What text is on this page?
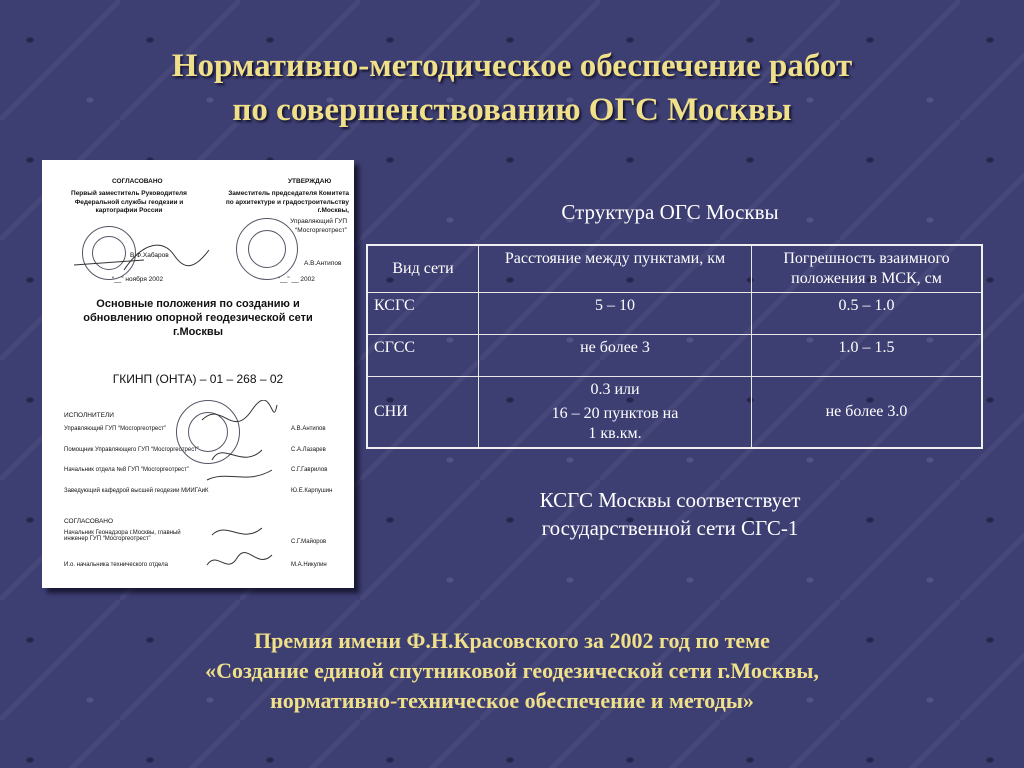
Нормативно-методическое обеспечение работ
по совершенствованию ОГС Москвы
СОГЛАСОВАНО
Первый заместитель Руководителя Федеральной службы геодезии и картографии России
В.Ф.Хабаров
“__” ноября 2002
УТВЕРЖДАЮ
Заместитель председателя Комитета по архитектуре и градостроительству г.Москвы,
Управляющий ГУП “Мосгоргеотрест”
А.В.Антипов
“__” __ 2002
Основные положения по созданию и обновлению опорной геодезической сети г.Москвы
ГКИНП (ОНТА) – 01 – 268 – 02
ИСПОЛНИТЕЛИ
Управляющий ГУП “Мосгоргеотрест”	А.В.Антипов
Помощник Управляющего ГУП “Мосгоргеотрест”	С.А.Лазарев
Начальник отдела №8 ГУП “Мосгоргеотрест”	С.Г.Гаврилов
Заведующий кафедрой высшей геодезии МИИГАиК	Ю.Е.Карпушин
СОГЛАСОВАНО
Начальник Геонадзора г.Москвы, главный инженер ГУП “Мосгоргеотрест”	С.Г.Майоров
И.о. начальника технического отдела	М.А.Никулин
Структура ОГС Москвы
Вид сети	Расстояние между пунктами, км	Погрешность взаимного положения в МСК, см
КСГС	5 – 10	0.5 – 1.0
СГСС	не более 3	1.0 – 1.5
СНИ	0.3 или
16 – 20 пунктов на
1 кв.км.	не более 3.0
КСГС Москвы соответствует
государственной сети СГС-1
Премия имени Ф.Н.Красовского за 2002 год по теме
«Создание единой спутниковой геодезической сети г.Москвы,
нормативно-техническое обеспечение и методы»
